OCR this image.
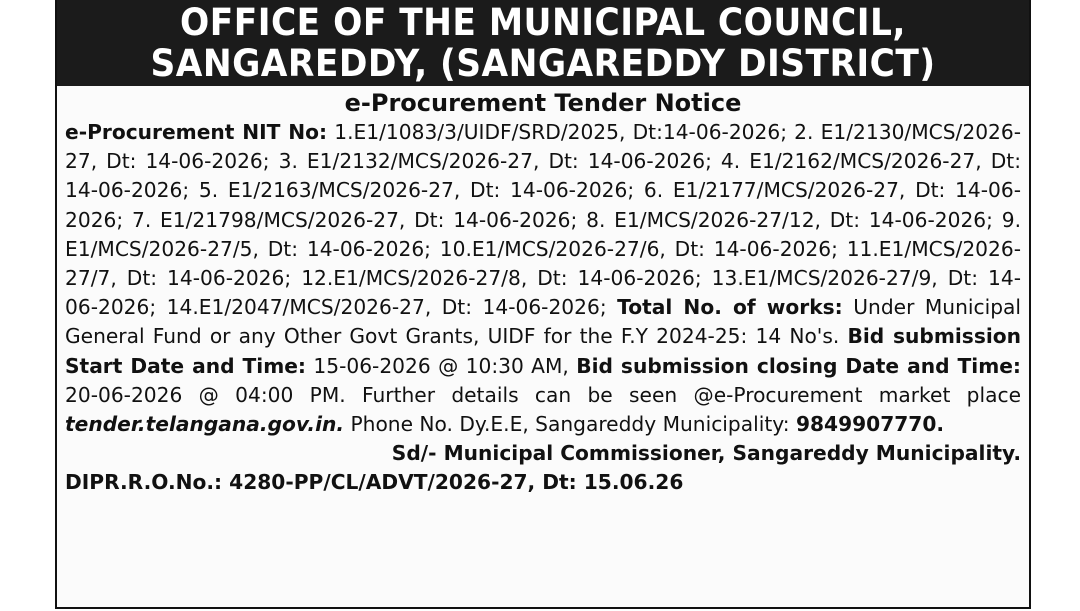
OFFICE OF THE MUNICIPAL COUNCIL,
SANGAREDDY, (SANGAREDDY DISTRICT)
e-Procurement Tender Notice
e-Procurement NIT No: 1.E1/1083/3/UIDF/SRD/2025, Dt:14-06-2026; 2. E1/2130/MCS/2026-27, Dt: 14-06-2026; 3. E1/2132/MCS/2026-27, Dt: 14-06-2026; 4. E1/2162/MCS/2026-27, Dt: 14-06-2026; 5. E1/2163/MCS/2026-27, Dt: 14-06-2026; 6. E1/2177/MCS/2026-27, Dt: 14-06-2026; 7. E1/21798/MCS/2026-27, Dt: 14-06-2026; 8. E1/MCS/2026-27/12, Dt: 14-06-2026; 9. E1/MCS/2026-27/5, Dt: 14-06-2026; 10.E1/MCS/2026-27/6, Dt: 14-06-2026; 11.E1/MCS/2026-27/7, Dt: 14-06-2026; 12.E1/MCS/2026-27/8, Dt: 14-06-2026; 13.E1/MCS/2026-27/9, Dt: 14-06-2026; 14.E1/2047/MCS/2026-27, Dt: 14-06-2026; Total No. of works: Under Municipal General Fund or any Other Govt Grants, UIDF for the F.Y 2024-25: 14 No's. Bid submission Start Date and Time: 15-06-2026 @ 10:30 AM, Bid submission closing Date and Time: 20-06-2026 @ 04:00 PM. Further details can be seen @e-Procurement market place tender.telangana.gov.in. Phone No. Dy.E.E, Sangareddy Municipality: 9849907770.
Sd/- Municipal Commissioner, Sangareddy Municipality.
DIPR.R.O.No.: 4280-PP/CL/ADVT/2026-27, Dt: 15.06.26
